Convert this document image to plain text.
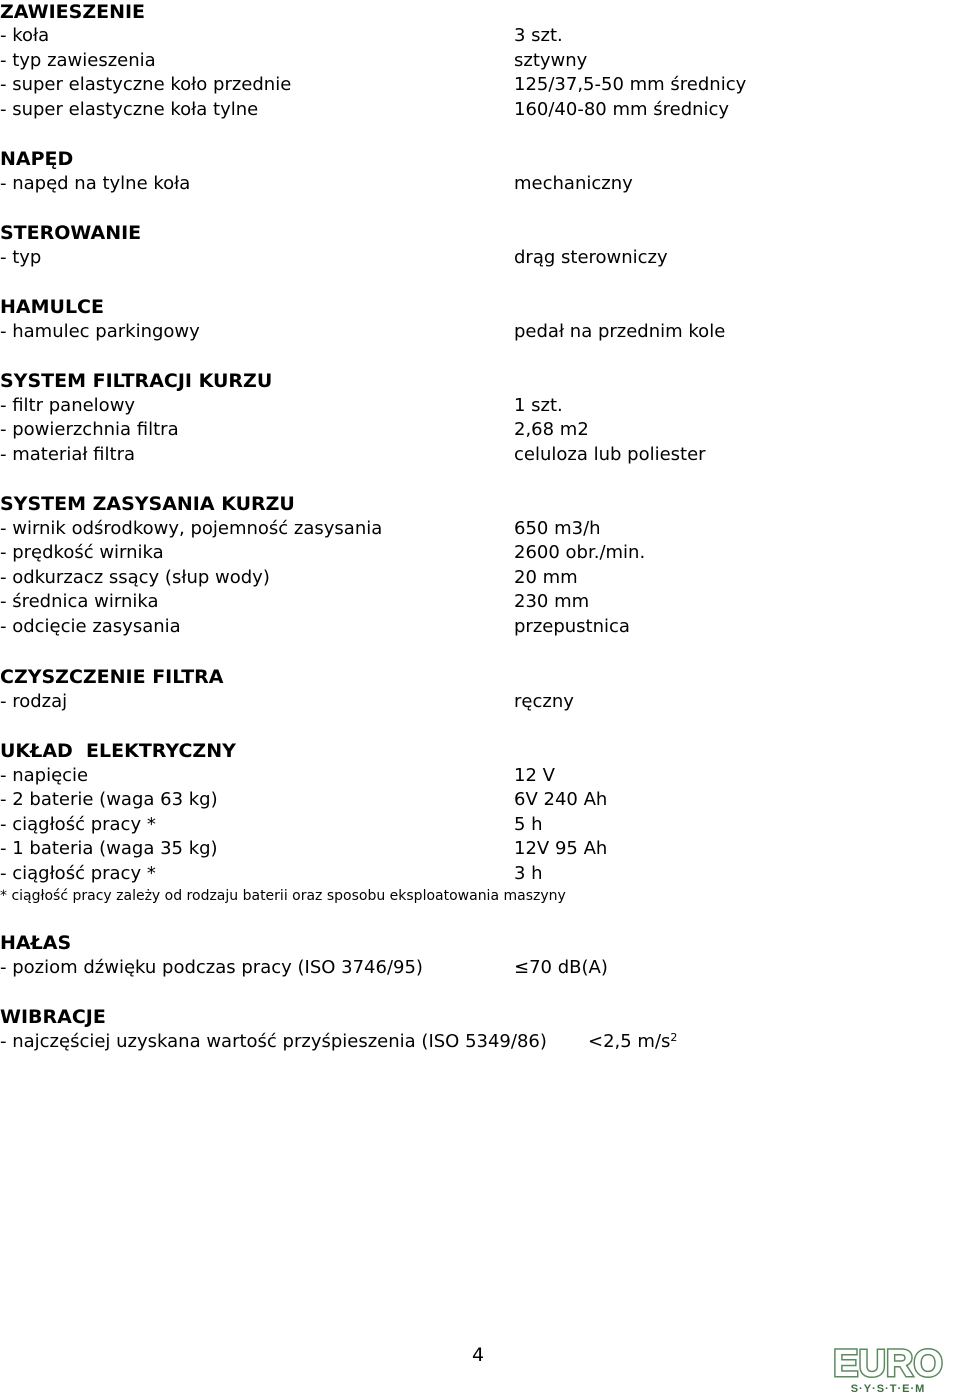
ZAWIESZENIE
- koła	3 szt.
- typ zawieszenia	sztywny
- super elastyczne koło przednie	125/37,5-50 mm średnicy
- super elastyczne koła tylne	160/40-80 mm średnicy
NAPĘD
- napęd na tylne koła	mechaniczny
STEROWANIE
- typ	drąg sterowniczy
HAMULCE
- hamulec parkingowy	pedał na przednim kole
SYSTEM FILTRACJI KURZU
- filtr panelowy	1 szt.
- powierzchnia filtra	2,68 m2
- materiał filtra	celuloza lub poliester
SYSTEM ZASYSANIA KURZU
- wirnik odśrodkowy, pojemność zasysania	650 m3/h
- prędkość wirnika	2600 obr./min.
- odkurzacz ssący (słup wody)	20 mm
- średnica wirnika	230 mm
- odcięcie zasysania	przepustnica
CZYSZCZENIE FILTRA
- rodzaj	ręczny
UKŁAD  ELEKTRYCZNY
- napięcie	12 V
- 2 baterie (waga 63 kg)	6V 240 Ah
- ciągłość pracy *	5 h
- 1 bateria (waga 35 kg)	12V 95 Ah
- ciągłość pracy *	3 h
* ciągłość pracy zależy od rodzaju baterii oraz sposobu eksploatowania maszyny
HAŁAS
- poziom dźwięku podczas pracy (ISO 3746/95)	≤70 dB(A)
WIBRACJE
- najczęściej uzyskana wartość przyśpieszenia (ISO 5349/86) <2,5 $m/s^2$
4	EURO
S·Y·S·T·E·M
